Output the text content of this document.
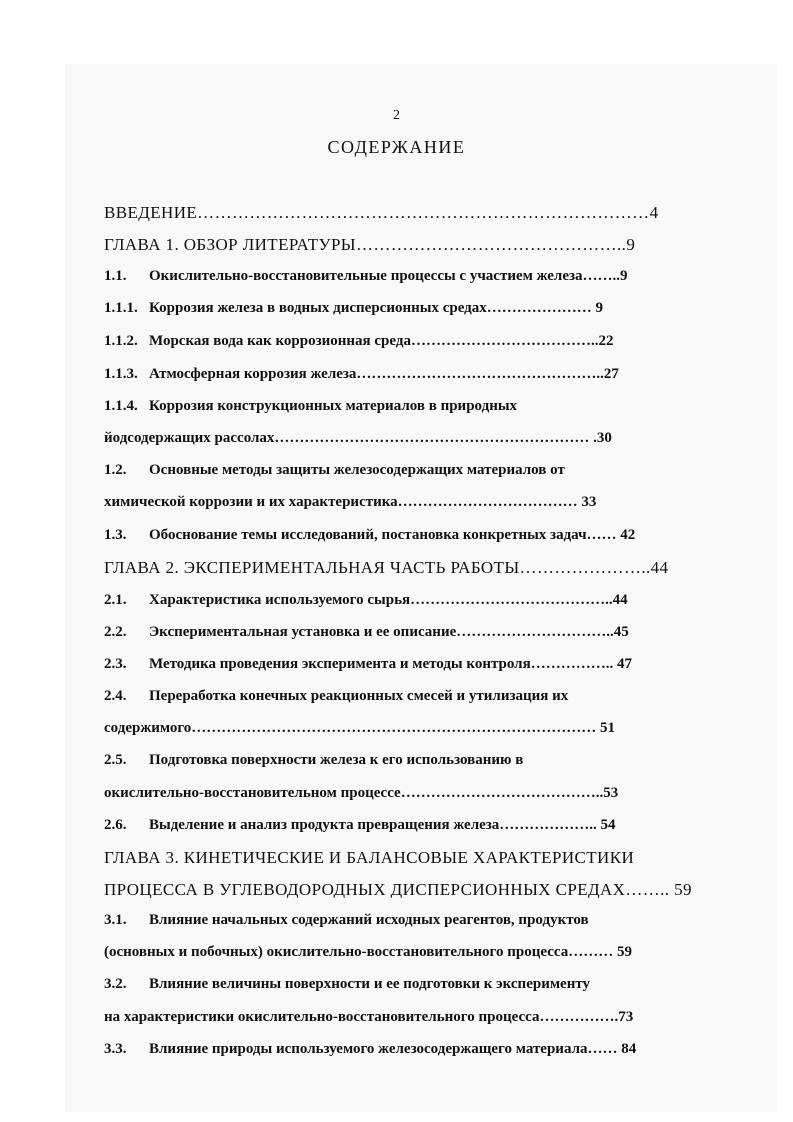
2
СОДЕРЖАНИЕ
ВВЕДЕНИЕ……………………………………………………………………4
ГЛАВА 1. ОБЗОР ЛИТЕРАТУРЫ………………………………………..9
1.1. Окислительно-восстановительные процессы с участием железа……..9
1.1.1. Коррозия железа в водных дисперсионных средах………………… 9
1.1.2. Морская вода как коррозионная среда………………………………..22
1.1.3. Атмосферная коррозия железа…………………………………………..27
1.1.4. Коррозия конструкционных материалов в природных
йодсодержащих рассолах……………………………………………………… .30
1.2. Основные методы защиты железосодержащих материалов от
химической коррозии и их характеристика……………………………… 33
1.3. Обоснование темы исследований, постановка конкретных задач…… 42
ГЛАВА 2. ЭКСПЕРИМЕНТАЛЬНАЯ ЧАСТЬ РАБОТЫ…………………..44
2.1. Характеристика используемого сырья…………………………………..44
2.2. Экспериментальная установка и ее описание…………………………..45
2.3. Методика проведения эксперимента и методы контроля…………….. 47
2.4. Переработка конечных реакционных смесей и утилизация их
содержимого……………………………………………………………………… 51
2.5. Подготовка поверхности железа к его использованию в
окислительно-восстановительном процессе…………………………………..53
2.6. Выделение и анализ продукта превращения железа……………….. 54
ГЛАВА 3. КИНЕТИЧЕСКИЕ И БАЛАНСОВЫЕ ХАРАКТЕРИСТИКИ
ПРОЦЕССА В УГЛЕВОДОРОДНЫХ ДИСПЕРСИОННЫХ СРЕДАХ…….. 59
3.1. Влияние начальных содержаний исходных реагентов, продуктов
(основных и побочных) окислительно-восстановительного процесса……… 59
3.2. Влияние величины поверхности и ее подготовки к эксперименту
на характеристики окислительно-восстановительного процесса…………….73
3.3. Влияние природы используемого железосодержащего материала…… 84
